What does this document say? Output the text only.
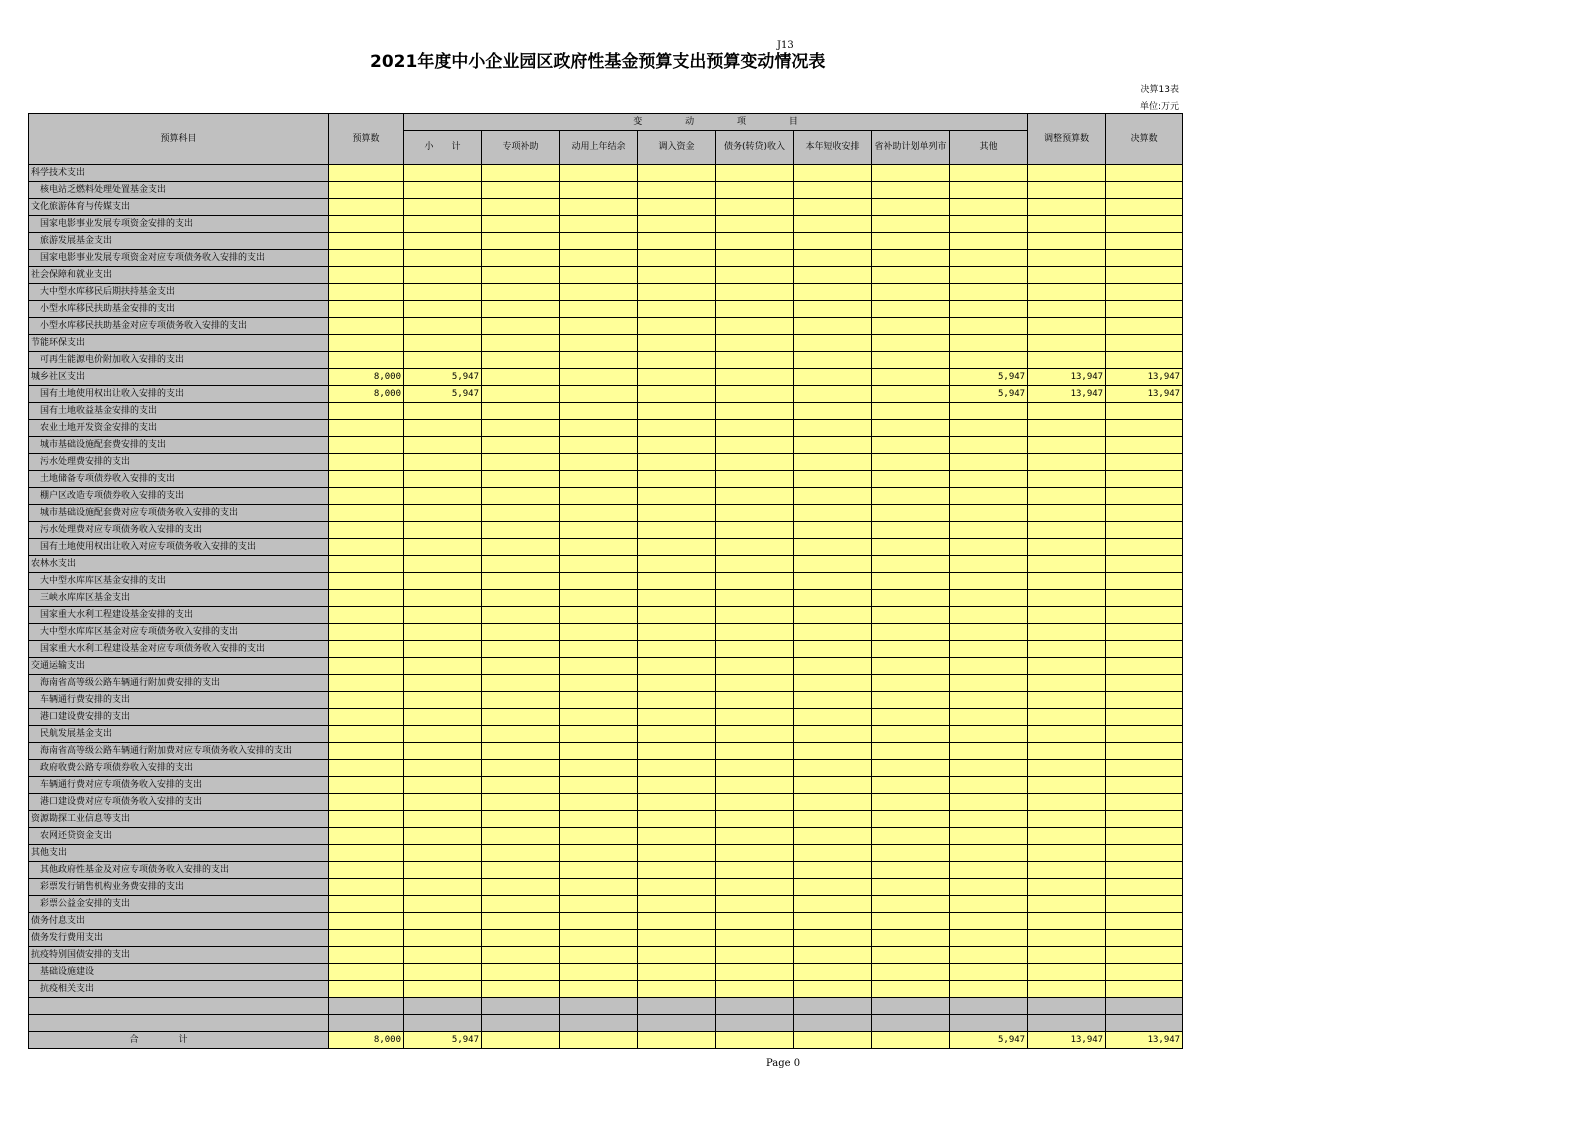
J13
2021年度中小企业园区政府性基金预算支出预算变动情况表
决算13表
单位:万元
预算科目	预算数	变 动 项 目								调整预算数	决算数
		小　　计	专项补助	动用上年结余	调入资金	债务(转贷)收入	本年短收安排	省补助计划单列市	其他		
科学技术支出											
核电站乏燃料处理处置基金支出											
文化旅游体育与传媒支出											
国家电影事业发展专项资金安排的支出											
旅游发展基金支出											
国家电影事业发展专项资金对应专项债务收入安排的支出											
社会保障和就业支出											
大中型水库移民后期扶持基金支出											
小型水库移民扶助基金安排的支出											
小型水库移民扶助基金对应专项债务收入安排的支出											
节能环保支出											
可再生能源电价附加收入安排的支出											
城乡社区支出	8,000	5,947							5,947	13,947	13,947
国有土地使用权出让收入安排的支出	8,000	5,947							5,947	13,947	13,947
国有土地收益基金安排的支出											
农业土地开发资金安排的支出											
城市基础设施配套费安排的支出											
污水处理费安排的支出											
土地储备专项债券收入安排的支出											
棚户区改造专项债券收入安排的支出											
城市基础设施配套费对应专项债务收入安排的支出											
污水处理费对应专项债务收入安排的支出											
国有土地使用权出让收入对应专项债务收入安排的支出											
农林水支出											
大中型水库库区基金安排的支出											
三峡水库库区基金支出											
国家重大水利工程建设基金安排的支出											
大中型水库库区基金对应专项债务收入安排的支出											
国家重大水利工程建设基金对应专项债务收入安排的支出											
交通运输支出											
海南省高等级公路车辆通行附加费安排的支出											
车辆通行费安排的支出											
港口建设费安排的支出											
民航发展基金支出											
海南省高等级公路车辆通行附加费对应专项债务收入安排的支出											
政府收费公路专项债券收入安排的支出											
车辆通行费对应专项债务收入安排的支出											
港口建设费对应专项债务收入安排的支出											
资源勘探工业信息等支出											
农网还贷资金支出											
其他支出											
其他政府性基金及对应专项债务收入安排的支出											
彩票发行销售机构业务费安排的支出											
彩票公益金安排的支出											
债务付息支出											
债务发行费用支出											
抗疫特别国债安排的支出											
基础设施建设											
抗疫相关支出											

合计	8,000	5,947							5,947	13,947	13,947
Page 0
